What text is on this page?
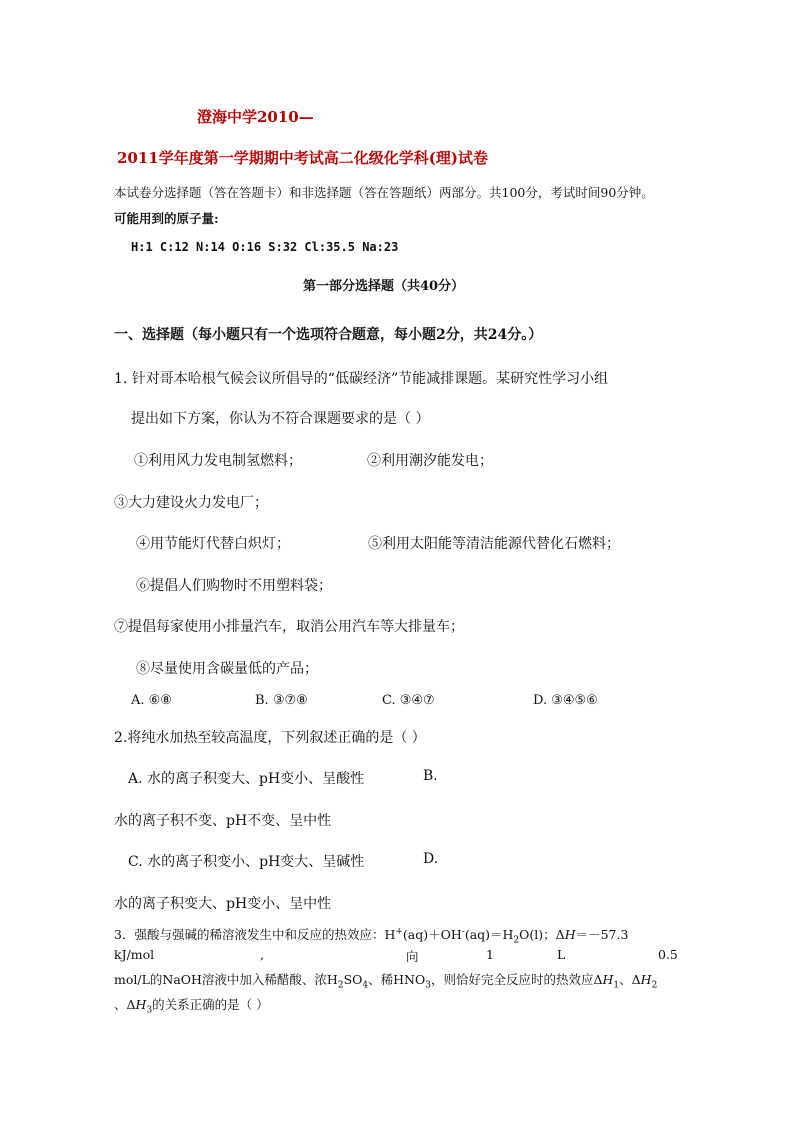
澄海中学2010—
2011学年度第一学期期中考试高二化级化学科(理)试卷
本试卷分选择题（答在答题卡）和非选择题（答在答题纸）两部分。共100分，考试时间90分钟。
可能用到的原子量:
H:1 C:12 N:14 O:16 S:32 Cl:35.5 Na:23
第一部分选择题（共40分）
一、选择题（每小题只有一个选项符合题意，每小题2分，共24分。）
1. 针对哥本哈根气候会议所倡导的“低碳经济”节能减排课题。某研究性学习小组
提出如下方案，你认为不符合课题要求的是（ ）
①利用风力发电制氢燃料；	②利用潮汐能发电；
③大力建设火力发电厂；
④用节能灯代替白炽灯；	⑤利用太阳能等清洁能源代替化石燃料；
⑥提倡人们购物时不用塑料袋；
⑦提倡每家使用小排量汽车，取消公用汽车等大排量车；
⑧尽量使用含碳量低的产品；
A. ⑥⑧	B. ③⑦⑧	C. ③④⑦	D. ③④⑤⑥
2.将纯水加热至较高温度，下列叙述正确的是（ ）
A. 水的离子积变大、pH变小、呈酸性	B.
水的离子积不变、pH不变、呈中性
C. 水的离子积变小、pH变大、呈碱性	D.
水的离子积变大、pH变小、呈中性
3．强酸与强碱的稀溶液发生中和反应的热效应：$H^+(aq)+OH^-(aq)=H_2O(l)$；ΔH＝－57.3
kJ/mol	,	向	1	L	0.5
mol/L的NaOH溶液中加入稀醋酸、浓$H_2SO_4$、稀$HNO_3$，则恰好完全反应时的热效应$\Delta H_1$、$\Delta H_2$
、$\Delta H_3$的关系正确的是（ ）
